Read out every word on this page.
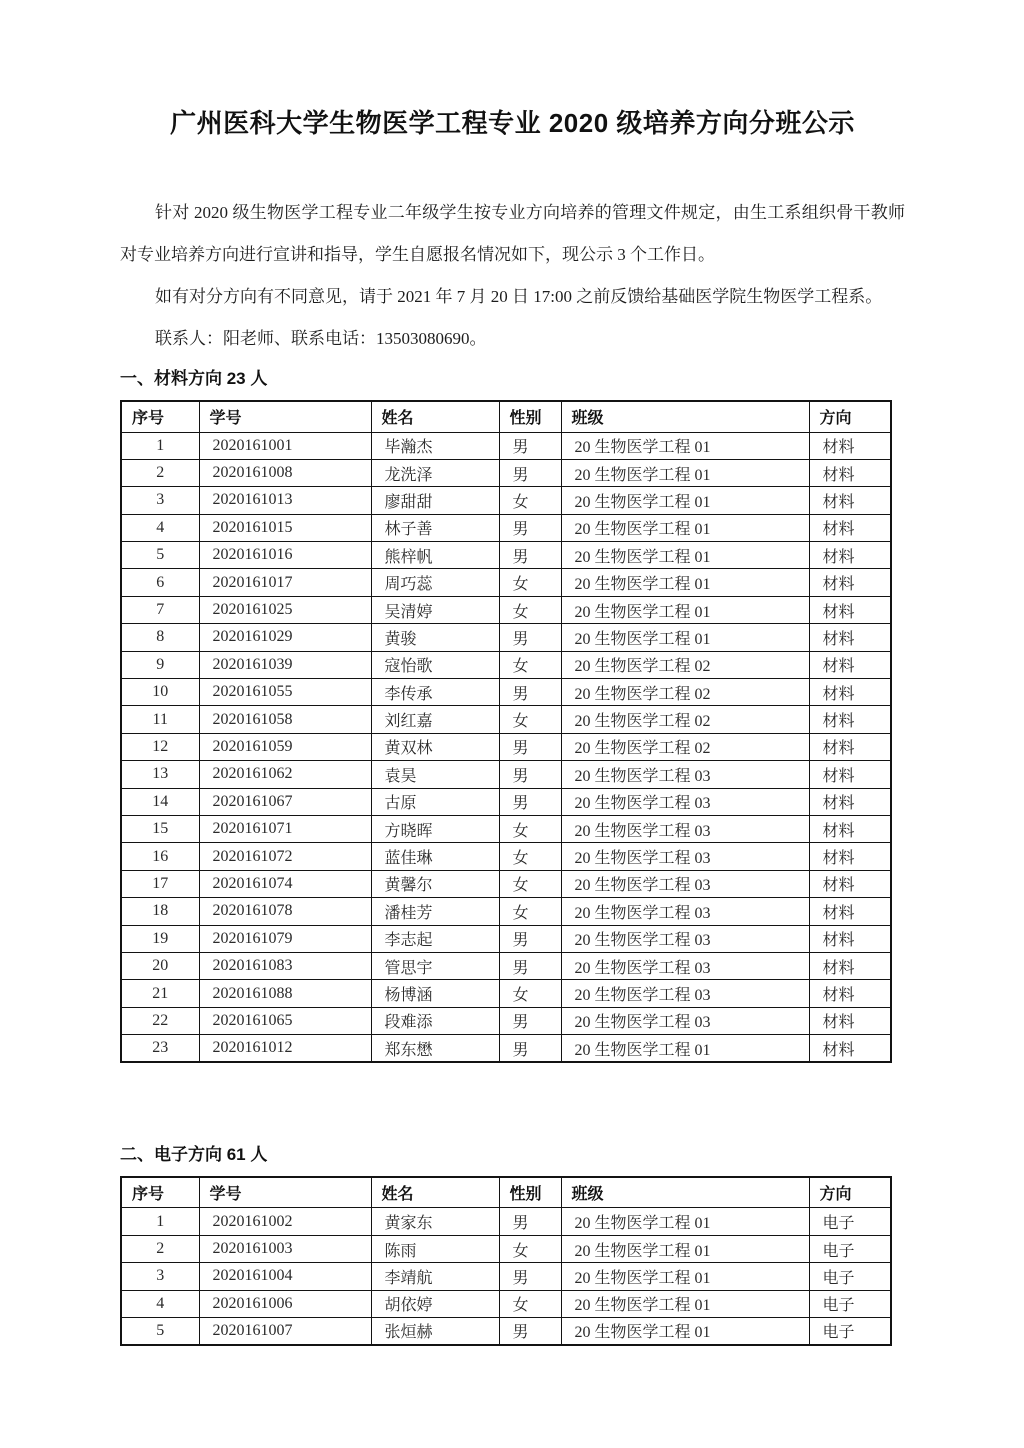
广州医科大学生物医学工程专业 2020 级培养方向分班公示

针对 2020 级生物医学工程专业二年级学生按专业方向培养的管理文件规定，由生工系组织骨干教师对专业培养方向进行宣讲和指导，学生自愿报名情况如下，现公示 3 个工作日。

如有对分方向有不同意见，请于 2021 年 7 月 20 日 17:00 之前反馈给基础医学院生物医学工程系。

联系人：阳老师、联系电话：13503080690。

一、材料方向 23 人
序号	学号	姓名	性别	班级	方向
1	2020161001	毕瀚杰	男	20 生物医学工程 01	材料
2	2020161008	龙洗泽	男	20 生物医学工程 01	材料
3	2020161013	廖甜甜	女	20 生物医学工程 01	材料
4	2020161015	林子善	男	20 生物医学工程 01	材料
5	2020161016	熊梓帆	男	20 生物医学工程 01	材料
6	2020161017	周巧蕊	女	20 生物医学工程 01	材料
7	2020161025	吴清婷	女	20 生物医学工程 01	材料
8	2020161029	黄骏	男	20 生物医学工程 01	材料
9	2020161039	寇怡歌	女	20 生物医学工程 02	材料
10	2020161055	李传承	男	20 生物医学工程 02	材料
11	2020161058	刘红嘉	女	20 生物医学工程 02	材料
12	2020161059	黄双林	男	20 生物医学工程 02	材料
13	2020161062	袁昊	男	20 生物医学工程 03	材料
14	2020161067	古原	男	20 生物医学工程 03	材料
15	2020161071	方晓晖	女	20 生物医学工程 03	材料
16	2020161072	蓝佳琳	女	20 生物医学工程 03	材料
17	2020161074	黄馨尔	女	20 生物医学工程 03	材料
18	2020161078	潘桂芳	女	20 生物医学工程 03	材料
19	2020161079	李志起	男	20 生物医学工程 03	材料
20	2020161083	管思宇	男	20 生物医学工程 03	材料
21	2020161088	杨博涵	女	20 生物医学工程 03	材料
22	2020161065	段难添	男	20 生物医学工程 03	材料
23	2020161012	郑东懋	男	20 生物医学工程 01	材料
二、电子方向 61 人
序号	学号	姓名	性别	班级	方向
1	2020161002	黄家东	男	20 生物医学工程 01	电子
2	2020161003	陈雨	女	20 生物医学工程 01	电子
3	2020161004	李靖航	男	20 生物医学工程 01	电子
4	2020161006	胡依婷	女	20 生物医学工程 01	电子
5	2020161007	张烜赫	男	20 生物医学工程 01	电子
